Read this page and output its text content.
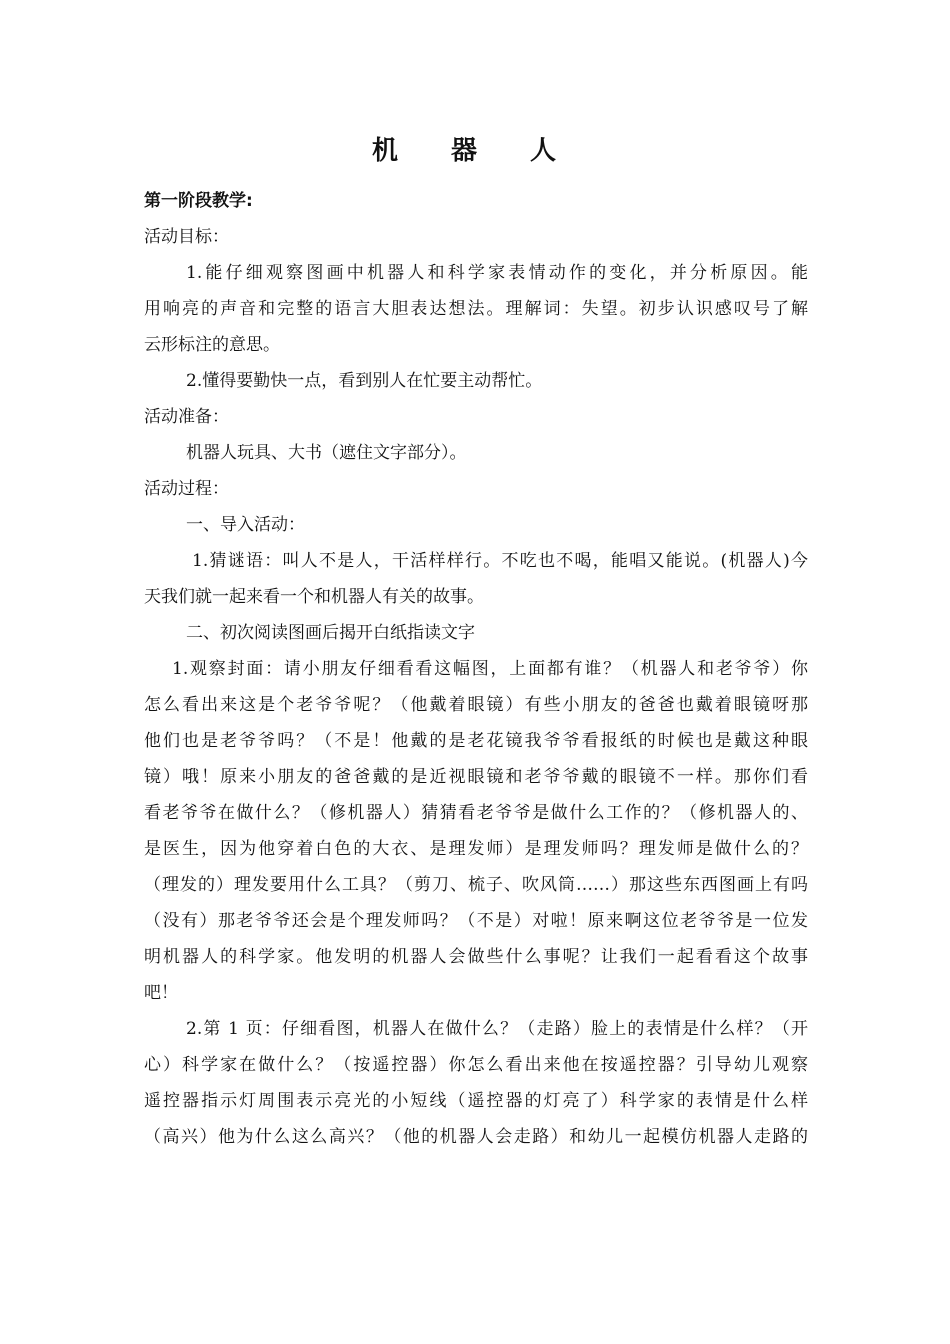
机 器 人
第一阶段教学:
活动目标：
1.能仔细观察图画中机器人和科学家表情动作的变化，并分析原因。能
用响亮的声音和完整的语言大胆表达想法。理解词：失望。初步认识感叹号了解
云形标注的意思。
2.懂得要勤快一点，看到别人在忙要主动帮忙。
活动准备：
机器人玩具、大书（遮住文字部分）。
活动过程：
一、导入活动：
1.猜谜语：叫人不是人，干活样样行。不吃也不喝，能唱又能说。(机器人)今
天我们就一起来看一个和机器人有关的故事。
二、初次阅读图画后揭开白纸指读文字
1.观察封面：请小朋友仔细看看这幅图，上面都有谁？（机器人和老爷爷）你
怎么看出来这是个老爷爷呢？（他戴着眼镜）有些小朋友的爸爸也戴着眼镜呀那
他们也是老爷爷吗？（不是！他戴的是老花镜我爷爷看报纸的时候也是戴这种眼
镜）哦！原来小朋友的爸爸戴的是近视眼镜和老爷爷戴的眼镜不一样。那你们看
看老爷爷在做什么？（修机器人）猜猜看老爷爷是做什么工作的？（修机器人的、
是医生，因为他穿着白色的大衣、是理发师）是理发师吗？理发师是做什么的？
（理发的）理发要用什么工具？（剪刀、梳子、吹风筒……）那这些东西图画上有吗
（没有）那老爷爷还会是个理发师吗？（不是）对啦！原来啊这位老爷爷是一位发
明机器人的科学家。他发明的机器人会做些什么事呢？让我们一起看看这个故事
吧！
2.第 1 页：仔细看图，机器人在做什么？（走路）脸上的表情是什么样？（开
心）科学家在做什么？（按遥控器）你怎么看出来他在按遥控器？引导幼儿观察
遥控器指示灯周围表示亮光的小短线（遥控器的灯亮了）科学家的表情是什么样
（高兴）他为什么这么高兴？（他的机器人会走路）和幼儿一起模仿机器人走路的
